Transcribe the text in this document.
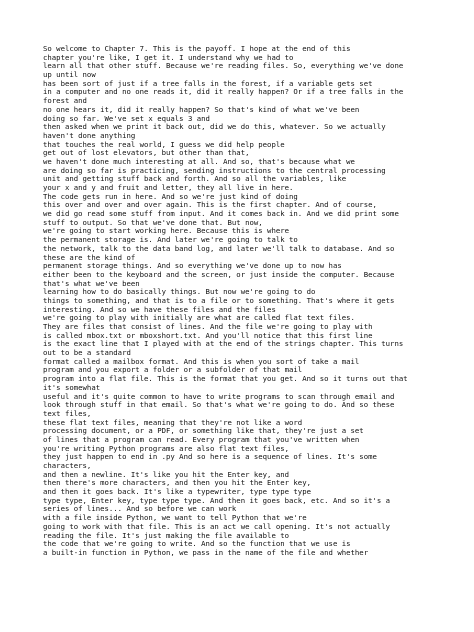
So welcome to Chapter 7. This is the payoff. I hope at the end of this
chapter you're like, I get it. I understand why we had to
learn all that other stuff. Because we're reading files. So, everything we've done
up until now
has been sort of just if a tree falls in the forest, if a variable gets set
in a computer and no one reads it, did it really happen? Or if a tree falls in the
forest and
no one hears it, did it really happen? So that's kind of what we've been
doing so far. We've set x equals 3 and
then asked when we print it back out, did we do this, whatever. So we actually
haven't done anything
that touches the real world, I guess we did help people
get out of lost elevators, but other than that,
we haven't done much interesting at all. And so, that's because what we
are doing so far is practicing, sending instructions to the central processing
unit and getting stuff back and forth. And so all the variables, like
your x and y and fruit and letter, they all live in here.
The code gets run in here. And so we're just kind of doing
this over and over and over again. This is the first chapter. And of course,
we did go read some stuff from input. And it comes back in. And we did print some
stuff to output. So that we've done that. But now,
we're going to start working here. Because this is where
the permanent storage is. And later we're going to talk to
the network, talk to the data band log, and later we'll talk to database. And so
these are the kind of
permanent storage things. And so everything we've done up to now has
either been to the keyboard and the screen, or just inside the computer. Because
that's what we've been
learning how to do basically things. But now we're going to do
things to something, and that is to a file or to something. That's where it gets
interesting. And so we have these files and the files
we're going to play with initially are what are called flat text files.
They are files that consist of lines. And the file we're going to play with
is called mbox.txt or mboxshort.txt. And you'll notice that this first line
is the exact line that I played with at the end of the strings chapter. This turns
out to be a standard
format called a mailbox format. And this is when you sort of take a mail
program and you export a folder or a subfolder of that mail
program into a flat file. This is the format that you get. And so it turns out that
it's somewhat
useful and it's quite common to have to write programs to scan through email and
look through stuff in that email. So that's what we're going to do. And so these
text files,
these flat text files, meaning that they're not like a word
processing document, or a PDF, or something like that, they're just a set
of lines that a program can read. Every program that you've written when
you're writing Python programs are also flat text files,
they just happen to end in .py And so here is a sequence of lines. It's some
characters,
and then a newline. It's like you hit the Enter key, and
then there's more characters, and then you hit the Enter key,
and then it goes back. It's like a typewriter, type type type
type type, Enter key, type type type. And then it goes back, etc. And so it's a
series of lines... And so before we can work
with a file inside Python, we want to tell Python that we're
going to work with that file. This is an act we call opening. It's not actually
reading the file. It's just making the file available to
the code that we're going to write. And so the function that we use is
a built-in function in Python, we pass in the name of the file and whether
